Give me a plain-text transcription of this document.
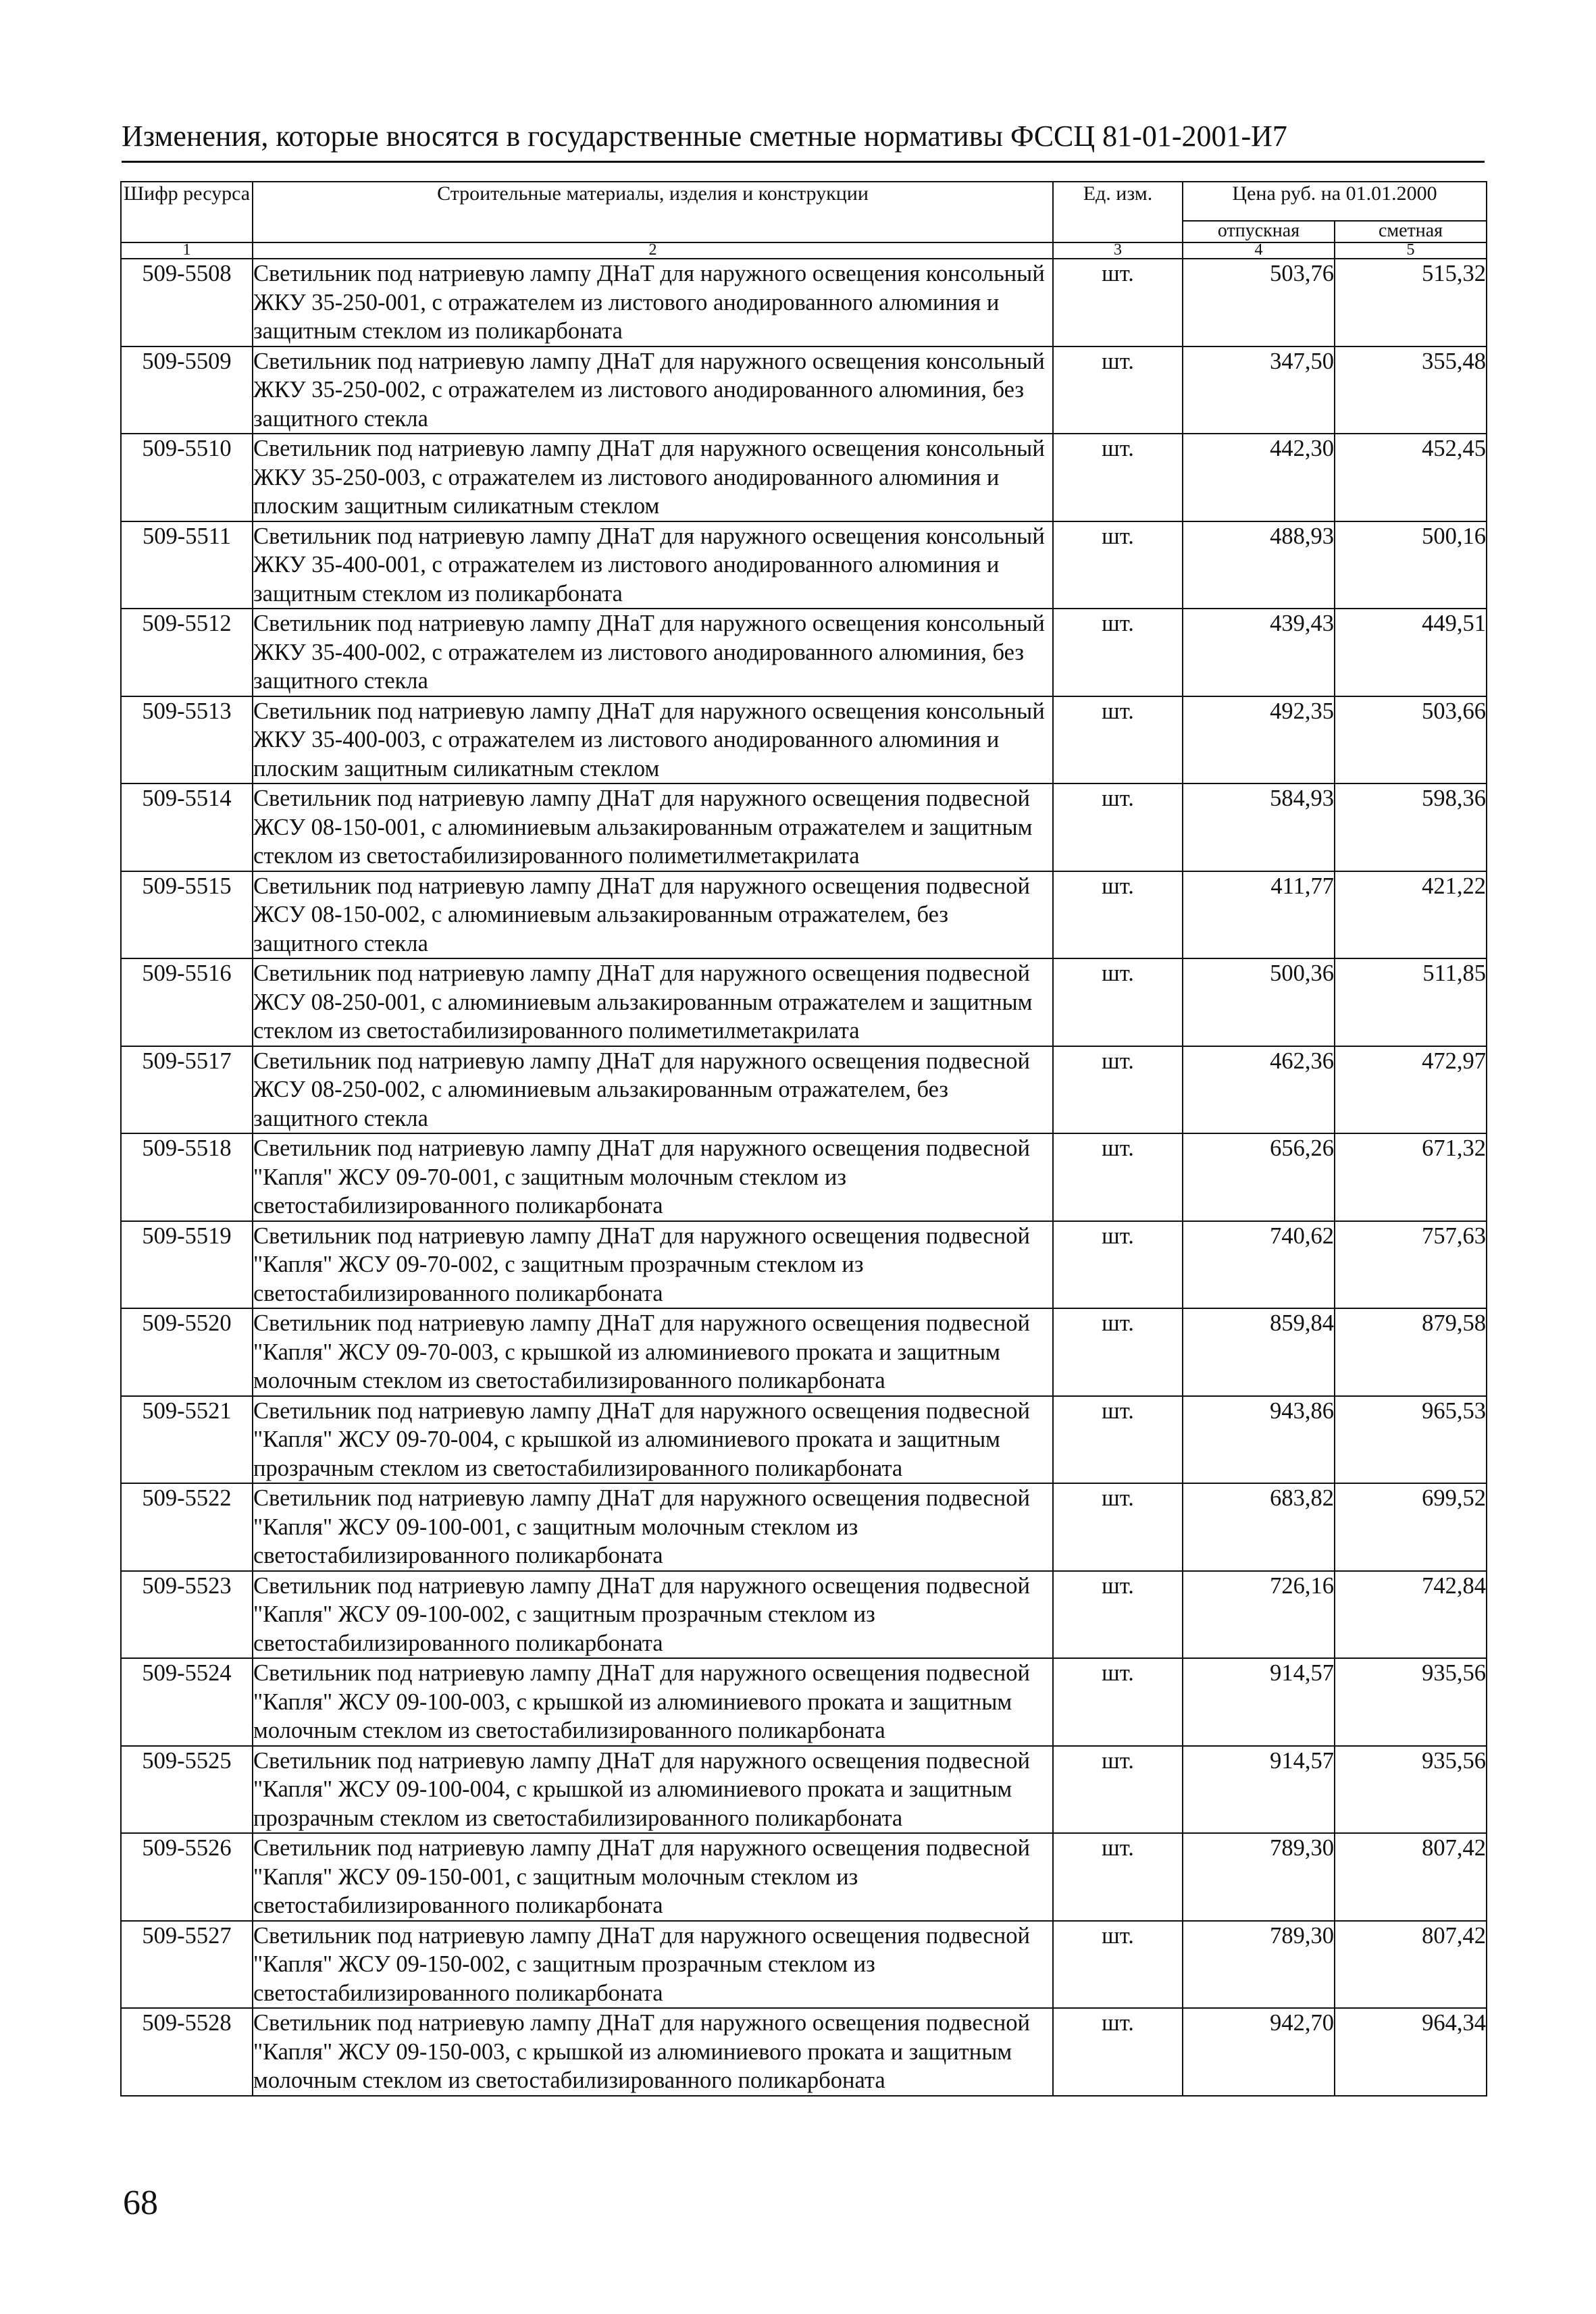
Изменения, которые вносятся в государственные сметные нормативы ФССЦ 81-01-2001-И7
Шифр ресурса	Строительные материалы, изделия и конструкции	Ед. изм.	Цена руб. на 01.01.2000	
			отпускная	сметная
1	2	3	4	5
509-5508	Светильник под натриевую лампу ДНаТ для наружного освещения консольный ЖКУ 35-250-001, с отражателем из листового анодированного алюминия и защитным стеклом из поликарбоната	шт.	503,76	515,32
509-5509	Светильник под натриевую лампу ДНаТ для наружного освещения консольный ЖКУ 35-250-002, с отражателем из листового анодированного алюминия, без защитного стекла	шт.	347,50	355,48
509-5510	Светильник под натриевую лампу ДНаТ для наружного освещения консольный ЖКУ 35-250-003, с отражателем из листового анодированного алюминия и плоским защитным силикатным стеклом	шт.	442,30	452,45
509-5511	Светильник под натриевую лампу ДНаТ для наружного освещения консольный ЖКУ 35-400-001, с отражателем из листового анодированного алюминия и защитным стеклом из поликарбоната	шт.	488,93	500,16
509-5512	Светильник под натриевую лампу ДНаТ для наружного освещения консольный ЖКУ 35-400-002, с отражателем из листового анодированного алюминия, без защитного стекла	шт.	439,43	449,51
509-5513	Светильник под натриевую лампу ДНаТ для наружного освещения консольный ЖКУ 35-400-003, с отражателем из листового анодированного алюминия и плоским защитным силикатным стеклом	шт.	492,35	503,66
509-5514	Светильник под натриевую лампу ДНаТ для наружного освещения подвесной ЖСУ 08-150-001, с алюминиевым альзакированным отражателем и защитным стеклом из светостабилизированного полиметилметакрилата	шт.	584,93	598,36
509-5515	Светильник под натриевую лампу ДНаТ для наружного освещения подвесной ЖСУ 08-150-002, с алюминиевым альзакированным отражателем, без защитного стекла	шт.	411,77	421,22
509-5516	Светильник под натриевую лампу ДНаТ для наружного освещения подвесной ЖСУ 08-250-001, с алюминиевым альзакированным отражателем и защитным стеклом из светостабилизированного полиметилметакрилата	шт.	500,36	511,85
509-5517	Светильник под натриевую лампу ДНаТ для наружного освещения подвесной ЖСУ 08-250-002, с алюминиевым альзакированным отражателем, без защитного стекла	шт.	462,36	472,97
509-5518	Светильник под натриевую лампу ДНаТ для наружного освещения подвесной "Капля" ЖСУ 09-70-001, с защитным молочным стеклом из светостабилизированного поликарбоната	шт.	656,26	671,32
509-5519	Светильник под натриевую лампу ДНаТ для наружного освещения подвесной "Капля" ЖСУ 09-70-002, с защитным прозрачным стеклом из светостабилизированного поликарбоната	шт.	740,62	757,63
509-5520	Светильник под натриевую лампу ДНаТ для наружного освещения подвесной "Капля" ЖСУ 09-70-003, с крышкой из алюминиевого проката и защитным молочным стеклом из светостабилизированного поликарбоната	шт.	859,84	879,58
509-5521	Светильник под натриевую лампу ДНаТ для наружного освещения подвесной "Капля" ЖСУ 09-70-004, с крышкой из алюминиевого проката и защитным прозрачным стеклом из светостабилизированного поликарбоната	шт.	943,86	965,53
509-5522	Светильник под натриевую лампу ДНаТ для наружного освещения подвесной "Капля" ЖСУ 09-100-001, с защитным молочным стеклом из светостабилизированного поликарбоната	шт.	683,82	699,52
509-5523	Светильник под натриевую лампу ДНаТ для наружного освещения подвесной "Капля" ЖСУ 09-100-002, с защитным прозрачным стеклом из светостабилизированного поликарбоната	шт.	726,16	742,84
509-5524	Светильник под натриевую лампу ДНаТ для наружного освещения подвесной "Капля" ЖСУ 09-100-003, с крышкой из алюминиевого проката и защитным молочным стеклом из светостабилизированного поликарбоната	шт.	914,57	935,56
509-5525	Светильник под натриевую лампу ДНаТ для наружного освещения подвесной "Капля" ЖСУ 09-100-004, с крышкой из алюминиевого проката и защитным прозрачным стеклом из светостабилизированного поликарбоната	шт.	914,57	935,56
509-5526	Светильник под натриевую лампу ДНаТ для наружного освещения подвесной "Капля" ЖСУ 09-150-001, с защитным молочным стеклом из светостабилизированного поликарбоната	шт.	789,30	807,42
509-5527	Светильник под натриевую лампу ДНаТ для наружного освещения подвесной "Капля" ЖСУ 09-150-002, с защитным прозрачным стеклом из светостабилизированного поликарбоната	шт.	789,30	807,42
509-5528	Светильник под натриевую лампу ДНаТ для наружного освещения подвесной "Капля" ЖСУ 09-150-003, с крышкой из алюминиевого проката и защитным молочным стеклом из светостабилизированного поликарбоната	шт.	942,70	964,34
68
